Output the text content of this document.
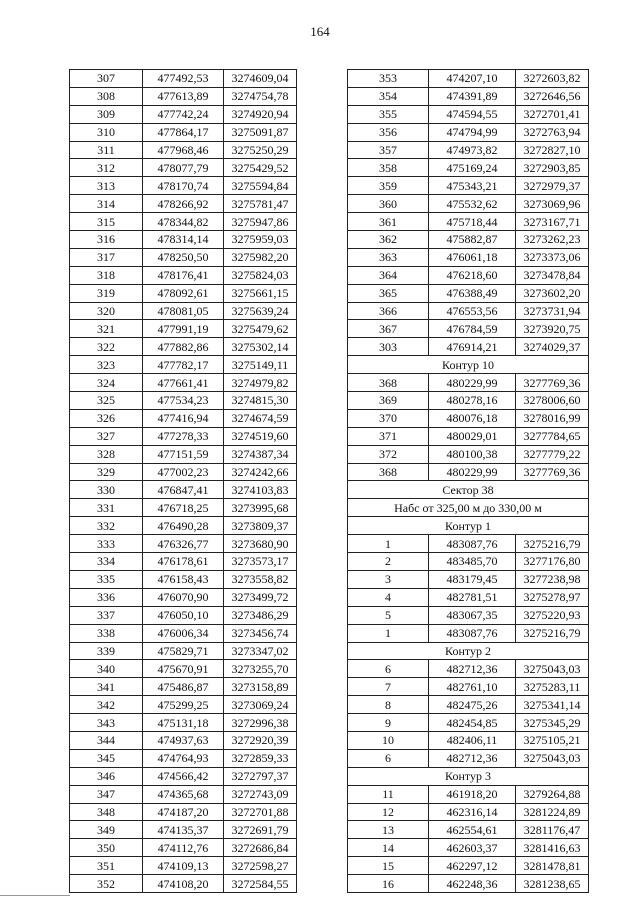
164
307	477492,53	3274609,04
308	477613,89	3274754,78
309	477742,24	3274920,94
310	477864,17	3275091,87
311	477968,46	3275250,29
312	478077,79	3275429,52
313	478170,74	3275594,84
314	478266,92	3275781,47
315	478344,82	3275947,86
316	478314,14	3275959,03
317	478250,50	3275982,20
318	478176,41	3275824,03
319	478092,61	3275661,15
320	478081,05	3275639,24
321	477991,19	3275479,62
322	477882,86	3275302,14
323	477782,17	3275149,11
324	477661,41	3274979,82
325	477534,23	3274815,30
326	477416,94	3274674,59
327	477278,33	3274519,60
328	477151,59	3274387,34
329	477002,23	3274242,66
330	476847,41	3274103,83
331	476718,25	3273995,68
332	476490,28	3273809,37
333	476326,77	3273680,90
334	476178,61	3273573,17
335	476158,43	3273558,82
336	476070,90	3273499,72
337	476050,10	3273486,29
338	476006,34	3273456,74
339	475829,71	3273347,02
340	475670,91	3273255,70
341	475486,87	3273158,89
342	475299,25	3273069,24
343	475131,18	3272996,38
344	474937,63	3272920,39
345	474764,93	3272859,33
346	474566,42	3272797,37
347	474365,68	3272743,09
348	474187,20	3272701,88
349	474135,37	3272691,79
350	474112,76	3272686,84
351	474109,13	3272598,27
352	474108,20	3272584,55
353	474207,10	3272603,82
354	474391,89	3272646,56
355	474594,55	3272701,41
356	474794,99	3272763,94
357	474973,82	3272827,10
358	475169,24	3272903,85
359	475343,21	3272979,37
360	475532,62	3273069,96
361	475718,44	3273167,71
362	475882,87	3273262,23
363	476061,18	3273373,06
364	476218,60	3273478,84
365	476388,49	3273602,20
366	476553,56	3273731,94
367	476784,59	3273920,75
303	476914,21	3274029,37
Контур 10		
368	480229,99	3277769,36
369	480278,16	3278006,60
370	480076,18	3278016,99
371	480029,01	3277784,65
372	480100,38	3277779,22
368	480229,99	3277769,36
Сектор 38		
Набс от 325,00 м до 330,00 м		
Контур 1		
1	483087,76	3275216,79
2	483485,70	3277176,80
3	483179,45	3277238,98
4	482781,51	3275278,97
5	483067,35	3275220,93
1	483087,76	3275216,79
Контур 2		
6	482712,36	3275043,03
7	482761,10	3275283,11
8	482475,26	3275341,14
9	482454,85	3275345,29
10	482406,11	3275105,21
6	482712,36	3275043,03
Контур 3		
11	461918,20	3279264,88
12	462316,14	3281224,89
13	462554,61	3281176,47
14	462603,37	3281416,63
15	462297,12	3281478,81
16	462248,36	3281238,65
